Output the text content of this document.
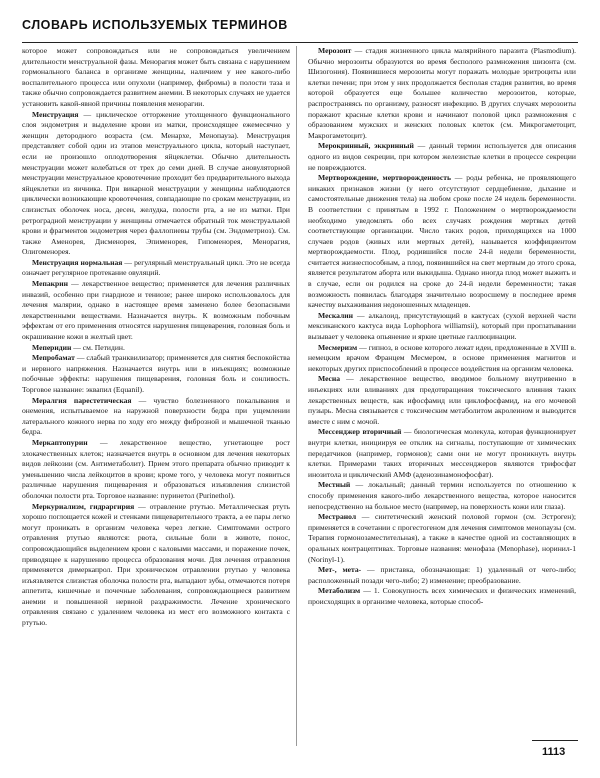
СЛОВАРЬ ИСПОЛЬЗУЕМЫХ ТЕРМИНОВ

которое может сопровождаться или не сопровождаться увеличением длительности менструальной фазы. Менорагия может быть связана с нарушением гормонального баланса в организме женщины, наличием у нее какого-либо воспалительного процесса или опухоли (например, фибромы) в полости таза и также обычно сопровождается развитием анемии. В некоторых случаях не удается установить какой-явной причины появления менорагии.

Менструация — циклическое отторжение утолщенного функционального слоя эндометрия и выделение крови из матки, происходящее ежемесячно у женщин детородного возраста (см. Менархе, Менопауза). Менструация представляет собой один из этапов менструального цикла, который наступает, если не произошло оплодотворения яйцеклетки. Обычно длительность менструации может колебаться от трех до семи дней. В случае ановуляторной менструации менструальное кровотечение проходит без предварительного выхода яйцеклетки из яичника. При викарной менструации у женщины наблюдаются циклически возникающие кровотечения, совпадающие по срокам менструации, из слизистых оболочек носа, десен, желудка, полости рта, а не из матки. При ретроградной менструации у женщины отмечается обратный ток менструальной крови и фрагментов эндометрия через фаллопиевы трубы (см. Эндометриоз). См. также Аменорея, Дисменорея, Эпименорея, Гипоменорея, Менорагия, Олигоменорея.

Менструация нормальная — регулярный менструальный цикл. Это не всегда означает регулярное протекание овуляций.

Мепакрин — лекарственное вещество; применяется для лечения различных инвазий, особенно при гиардиозе и тениозе; ранее широко использовалось для лечения малярии, однако в настоящее время заменено более безопасными лекарственными веществами. Назначается внутрь. К возможным побочным эффектам от его применения относятся нарушения пищеварения, головная боль и окрашивание кожи в желтый цвет.

Меперидин — см. Петидин.

Мепробамат — слабый транквилизатор; применяется для снятия беспокойства и нервного напряжения. Назначается внутрь или в инъекциях; возможные побочные эффекты: нарушения пищеварения, головная боль и сонливость. Торговое название: эквапил (Equanil).

Мералгия парестетическая — чувство болезненного покалывания и онемения, испытываемое на наружной поверхности бедра при ущемлении латерального кожного нерва по ходу его между фиброзной и мышечной тканью бедра.

Меркаптопурин — лекарственное вещество, угнетающее рост злокачественных клеток; назначается внутрь в основном для лечения некоторых видов лейкозии (см. Антиметаболит). Прием этого препарата обычно приводит к уменьшению числа лейкоцитов в крови; кроме того, у человека могут появиться различные нарушения пищеварения и образоваться изъязвления слизистой оболочки полости рта. Торговое название: пуринетол (Purinethol).

Меркуриализм, гидраргирия — отравление ртутью. Металлическая ртуть хорошо поглощается кожей и стенками пищеварительного тракта, а ее пары легко могут проникать в организм человека через легкие. Симптомами острого отравления ртутью являются: рвота, сильные боли в животе, понос, сопровождающийся выделением крови с каловыми массами, и поражение почек, приводящее к нарушению процесса образования мочи. Для лечения отравления применяется димеркапрол. При хроническом отравлении ртутью у человека изъязвляется слизистая оболочка полости рта, выпадают зубы, отмечаются потеря аппетита, кишечные и почечные заболевания, сопровождающиеся развитием анемии и повышенной нервной раздражимости. Лечение хронического отравления связано с удалением человека из мест его возможного контакта с ртутью.

Мерозоит — стадия жизненного цикла малярийного паразита (Plasmodium). Обычно мерозоиты образуются во время бесполого размножения шизонта (см. Шизогония). Появившиеся мерозоиты могут поражать молодые эритроциты или клетки печени; при этом у них продолжается бесполая стадия развития, во время которой образуется еще большее количество мерозоитов, которые, распространяясь по организму, разносят инфекцию. В других случаях мерозоиты поражают красные клетки крови и начинают половой цикл размножения с образованием мужских и женских половых клеток (см. Микрогаметоцит, Макрогаметоцит).

Мерокринный, эккринный — данный термин используется для описания одного из видов секреции, при котором железистые клетки в процессе секреции не повреждаются.

Мертворождение, мертворожденность — роды ребенка, не проявляющего никаких признаков жизни (у него отсутствуют сердцебиение, дыхание и самостоятельные движения тела) на любом сроке после 24 недель беременности. В соответствии с принятым в 1992 г. Положением о мертворождаемости необходимо уведомлять обо всех случаях рождения мертвых детей соответствующие организации. Число таких родов, приходящихся на 1000 случаев родов (живых или мертвых детей), называется коэффициентом мертворождаемости. Плод, родившийся после 24-й недели беременности, считается жизнеспособным, а плод, появившийся на свет мертвым до этого срока, является результатом аборта или выкидыша. Однако иногда плод может выжить и в случае, если он родился на сроке до 24-й недели беременности; такая возможность появилась благодаря значительно возросшему в последнее время качеству выхаживания недоношенных младенцев.

Мескалин — алкалоид, присутствующий в кактусах (сухой верхней части мексиканского кактуса вида Lophophora williamsii), который при проглатывании вызывает у человека опьянение и яркие цветные галлюцинации.

Месмеризм — гипноз, в основе которого лежат идеи, предложенные в XVIII в. немецким врачом Францем Месмером, в основе применения магнитов и некоторых других приспособлений в процессе воздействия на организм человека.

Месна — лекарственное вещество, вводимое больному внутривенно в инъекциях или вливаниях для предотвращения токсического влияния таких лекарственных веществ, как ифосфамид или циклофосфамид, на его мочевой пузырь. Месна связывается с токсическим метаболитом акролеином и выводится вместе с ним с мочой.

Мессенджер вторичный — биологическая молекула, которая функционирует внутри клетки, инициируя ее отклик на сигналы, поступающие от химических передатчиков (например, гормонов); сами они не могут проникнуть внутрь клетки. Примерами таких вторичных мессенджеров являются трифосфат инозитола и циклический АМФ (аденозинамонофосфат).

Местный — локальный; данный термин используется по отношению к способу применения какого-либо лекарственного вещества, которое наносится непосредственно на больное место (например, на поверхность кожи или глаза).

Местранол — синтетический женский половой гормон (см. Эстроген); применяется в сочетании с прогестогеном для лечения симптомов менопаузы (см. Терапия гормонозаместительная), а также в качестве одной из составляющих в оральных контрацептивах. Торговые названия: менофаза (Menophase), норинил-1 (Norinyl-1).

Мет-, мета- — приставка, обозначающая: 1) удаленный от чего-либо; расположенный позади чего-либо; 2) изменение; преобразование.

Метаболизм — 1. Совокупность всех химических и физических изменений, происходящих в организме человека, которые способ-

1113
